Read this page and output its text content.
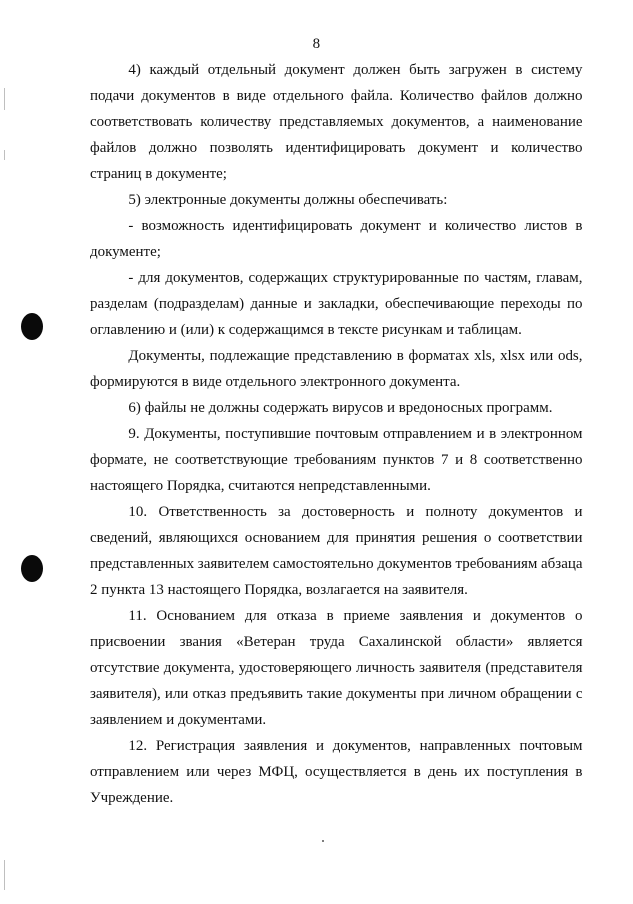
8

4) каждый отдельный документ должен быть загружен в систему подачи документов в виде отдельного файла. Количество файлов должно соответствовать количеству представляемых документов, а наименование файлов должно позволять идентифицировать документ и количество страниц в документе;

5) электронные документы должны обеспечивать:

- возможность идентифицировать документ и количество листов в документе;

- для документов, содержащих структурированные по частям, главам, разделам (подразделам) данные и закладки, обеспечивающие переходы по оглавлению и (или) к содержащимся в тексте рисункам и таблицам.

Документы, подлежащие представлению в форматах xls, xlsx или ods, формируются в виде отдельного электронного документа.

6) файлы не должны содержать вирусов и вредоносных программ.

9. Документы, поступившие почтовым отправлением и в электронном формате, не соответствующие требованиям пунктов 7 и 8 соответственно настоящего Порядка, считаются непредставленными.

10. Ответственность за достоверность и полноту документов и сведений, являющихся основанием для принятия решения о соответствии представленных заявителем самостоятельно документов требованиям абзаца 2 пункта 13 настоящего Порядка, возлагается на заявителя.

11. Основанием для отказа в приеме заявления и документов о присвоении звания «Ветеран труда Сахалинской области» является отсутствие документа, удостоверяющего личность заявителя (представителя заявителя), или отказ предъявить такие документы при личном обращении с заявлением и документами.

12. Регистрация заявления и документов, направленных почтовым отправлением или через МФЦ, осуществляется в день их поступления в Учреждение.
